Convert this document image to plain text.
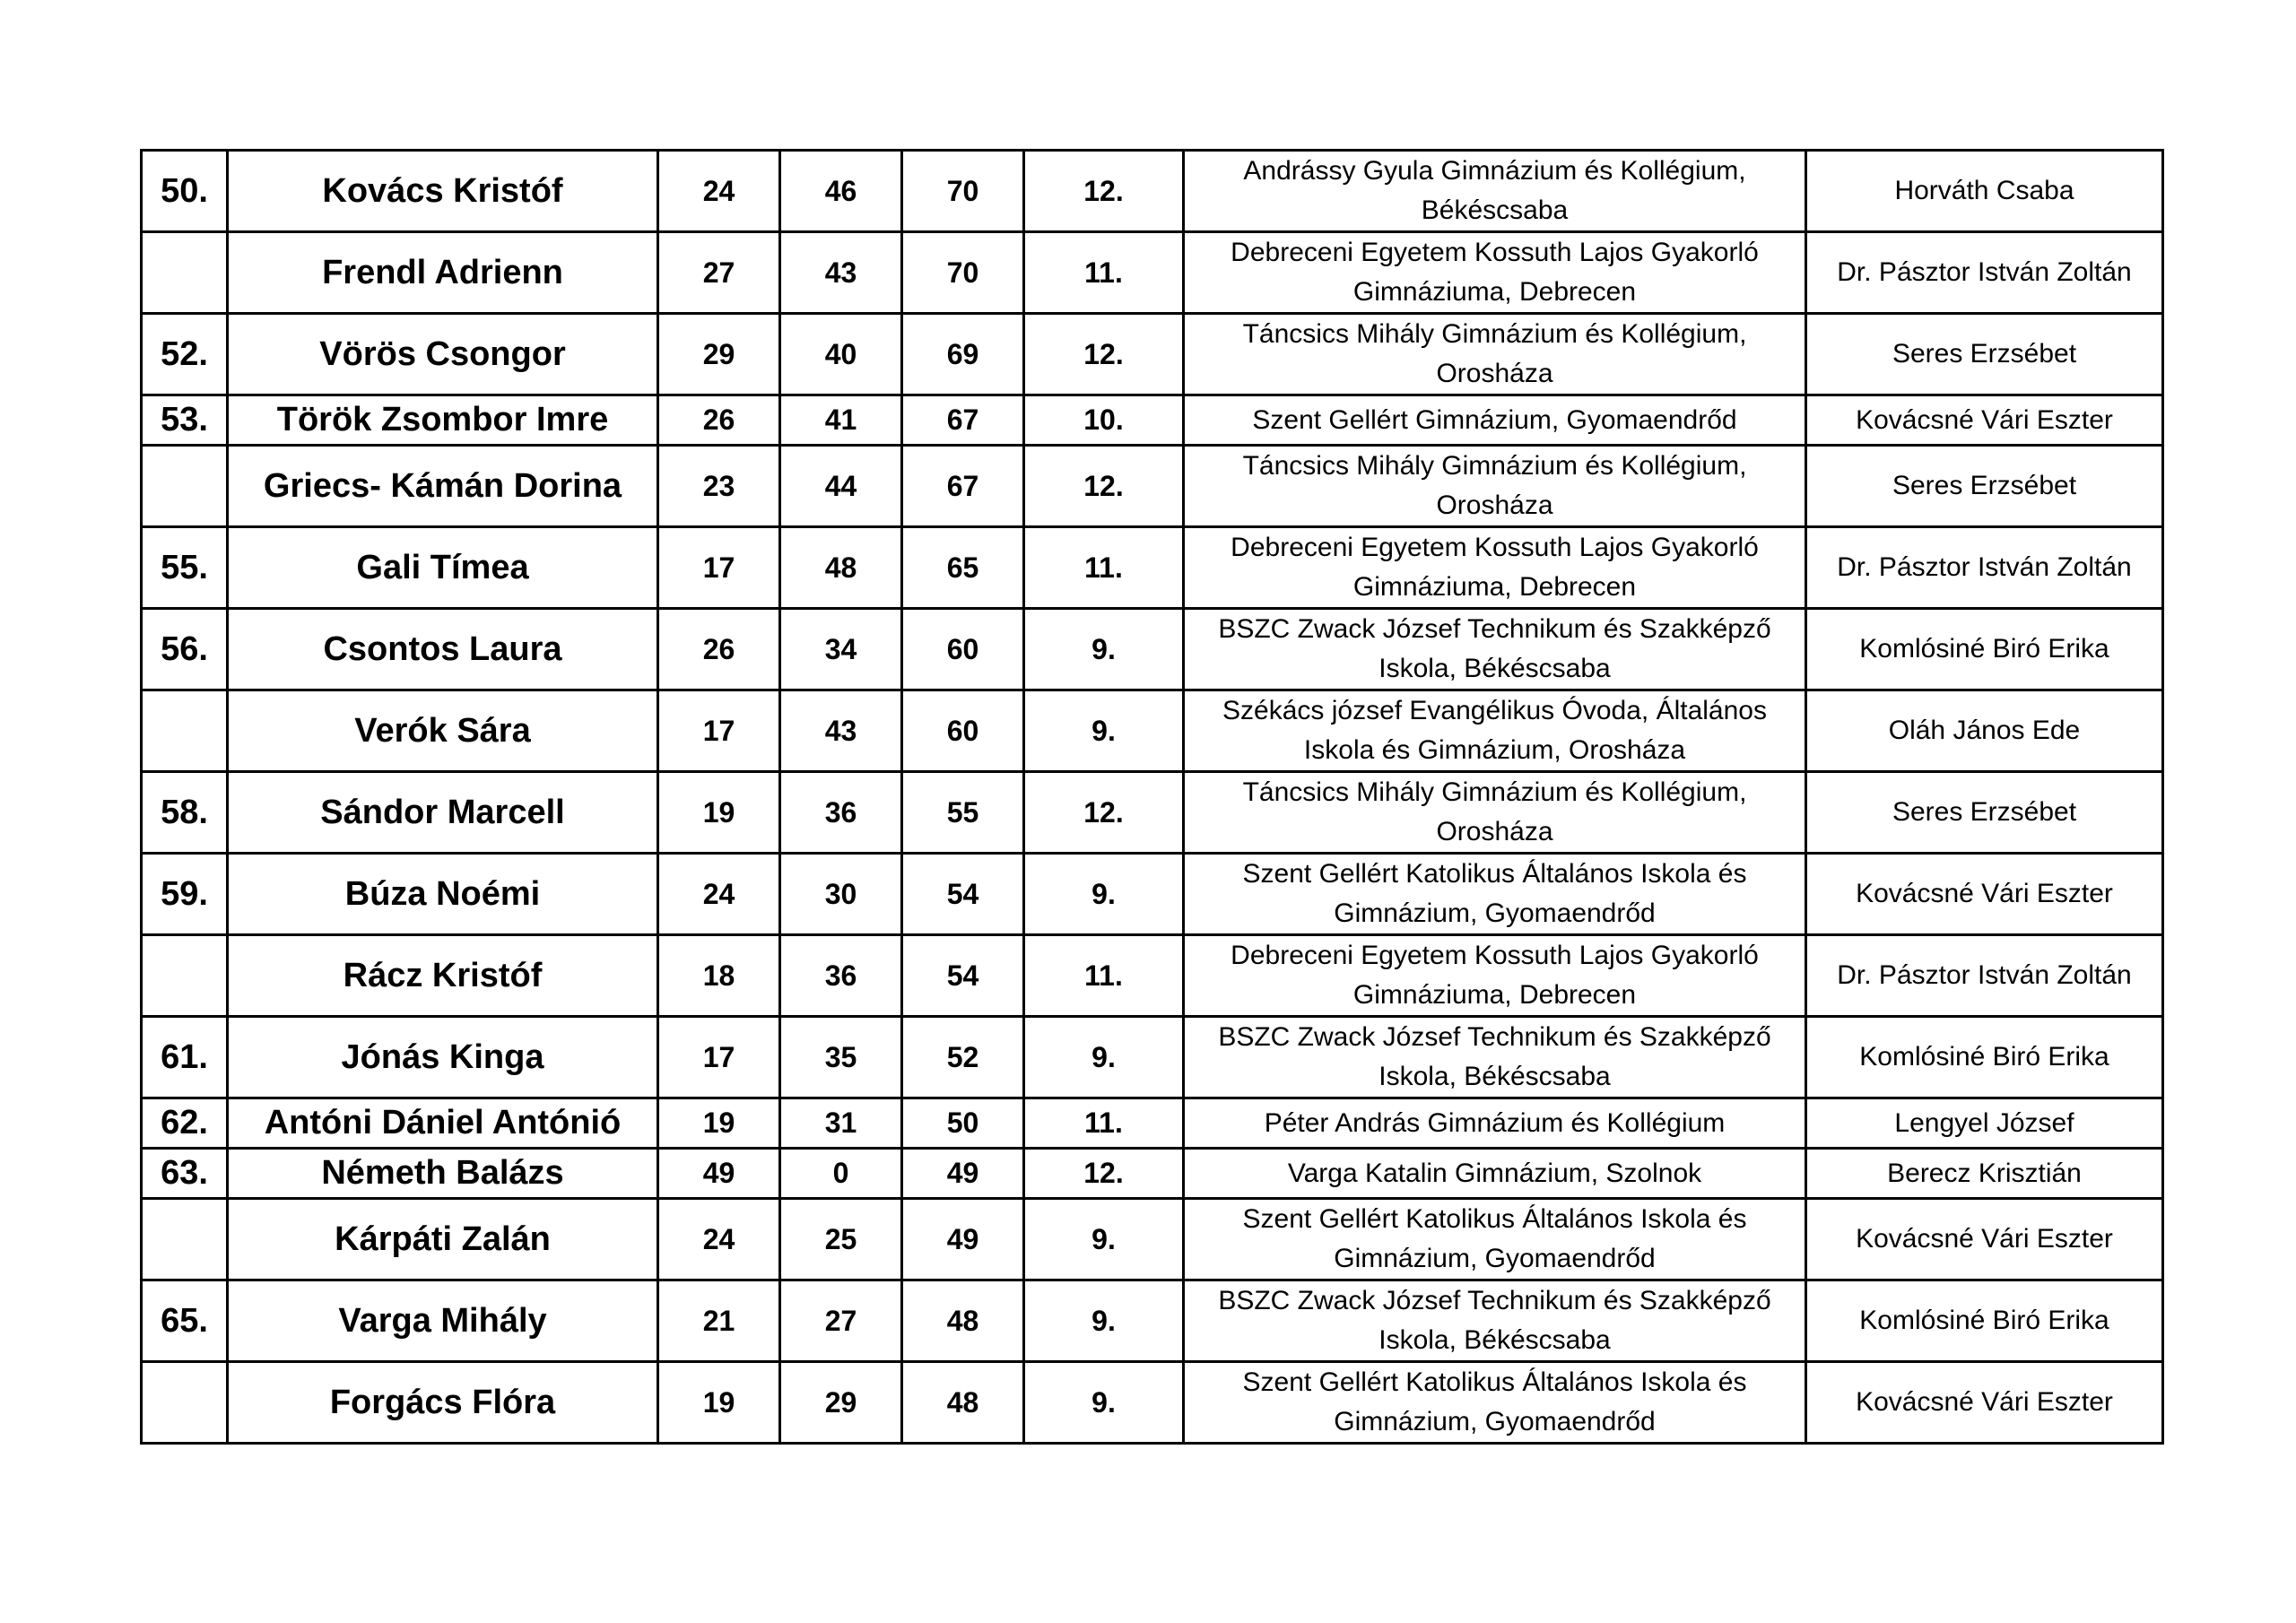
50.	Kovács Kristóf	24	46	70	12.	Andrássy Gyula Gimnázium és Kollégium, Békéscsaba	Horváth Csaba
	Frendl Adrienn	27	43	70	11.	Debreceni Egyetem Kossuth Lajos Gyakorló Gimnáziuma, Debrecen	Dr. Pásztor István Zoltán
52.	Vörös Csongor	29	40	69	12.	Táncsics Mihály Gimnázium és Kollégium, Orosháza	Seres Erzsébet
53.	Török Zsombor Imre	26	41	67	10.	Szent Gellért Gimnázium, Gyomaendrőd	Kovácsné Vári Eszter
	Griecs- Kámán Dorina	23	44	67	12.	Táncsics Mihály Gimnázium és Kollégium, Orosháza	Seres Erzsébet
55.	Gali Tímea	17	48	65	11.	Debreceni Egyetem Kossuth Lajos Gyakorló Gimnáziuma, Debrecen	Dr. Pásztor István Zoltán
56.	Csontos Laura	26	34	60	9.	BSZC Zwack József Technikum és Szakképző Iskola, Békéscsaba	Komlósiné Biró Erika
	Verók Sára	17	43	60	9.	Székács józsef Evangélikus Óvoda, Általános Iskola és Gimnázium, Orosháza	Oláh János Ede
58.	Sándor Marcell	19	36	55	12.	Táncsics Mihály Gimnázium és Kollégium, Orosháza	Seres Erzsébet
59.	Búza Noémi	24	30	54	9.	Szent Gellért Katolikus Általános Iskola és Gimnázium, Gyomaendrőd	Kovácsné Vári Eszter
	Rácz Kristóf	18	36	54	11.	Debreceni Egyetem Kossuth Lajos Gyakorló Gimnáziuma, Debrecen	Dr. Pásztor István Zoltán
61.	Jónás Kinga	17	35	52	9.	BSZC Zwack József Technikum és Szakképző Iskola, Békéscsaba	Komlósiné Biró Erika
62.	Antóni Dániel Antónió	19	31	50	11.	Péter András Gimnázium és Kollégium	Lengyel József
63.	Németh Balázs	49	0	49	12.	Varga Katalin Gimnázium, Szolnok	Berecz Krisztián
	Kárpáti Zalán	24	25	49	9.	Szent Gellért Katolikus Általános Iskola és Gimnázium, Gyomaendrőd	Kovácsné Vári Eszter
65.	Varga Mihály	21	27	48	9.	BSZC Zwack József Technikum és Szakképző Iskola, Békéscsaba	Komlósiné Biró Erika
	Forgács Flóra	19	29	48	9.	Szent Gellért Katolikus Általános Iskola és Gimnázium, Gyomaendrőd	Kovácsné Vári Eszter
